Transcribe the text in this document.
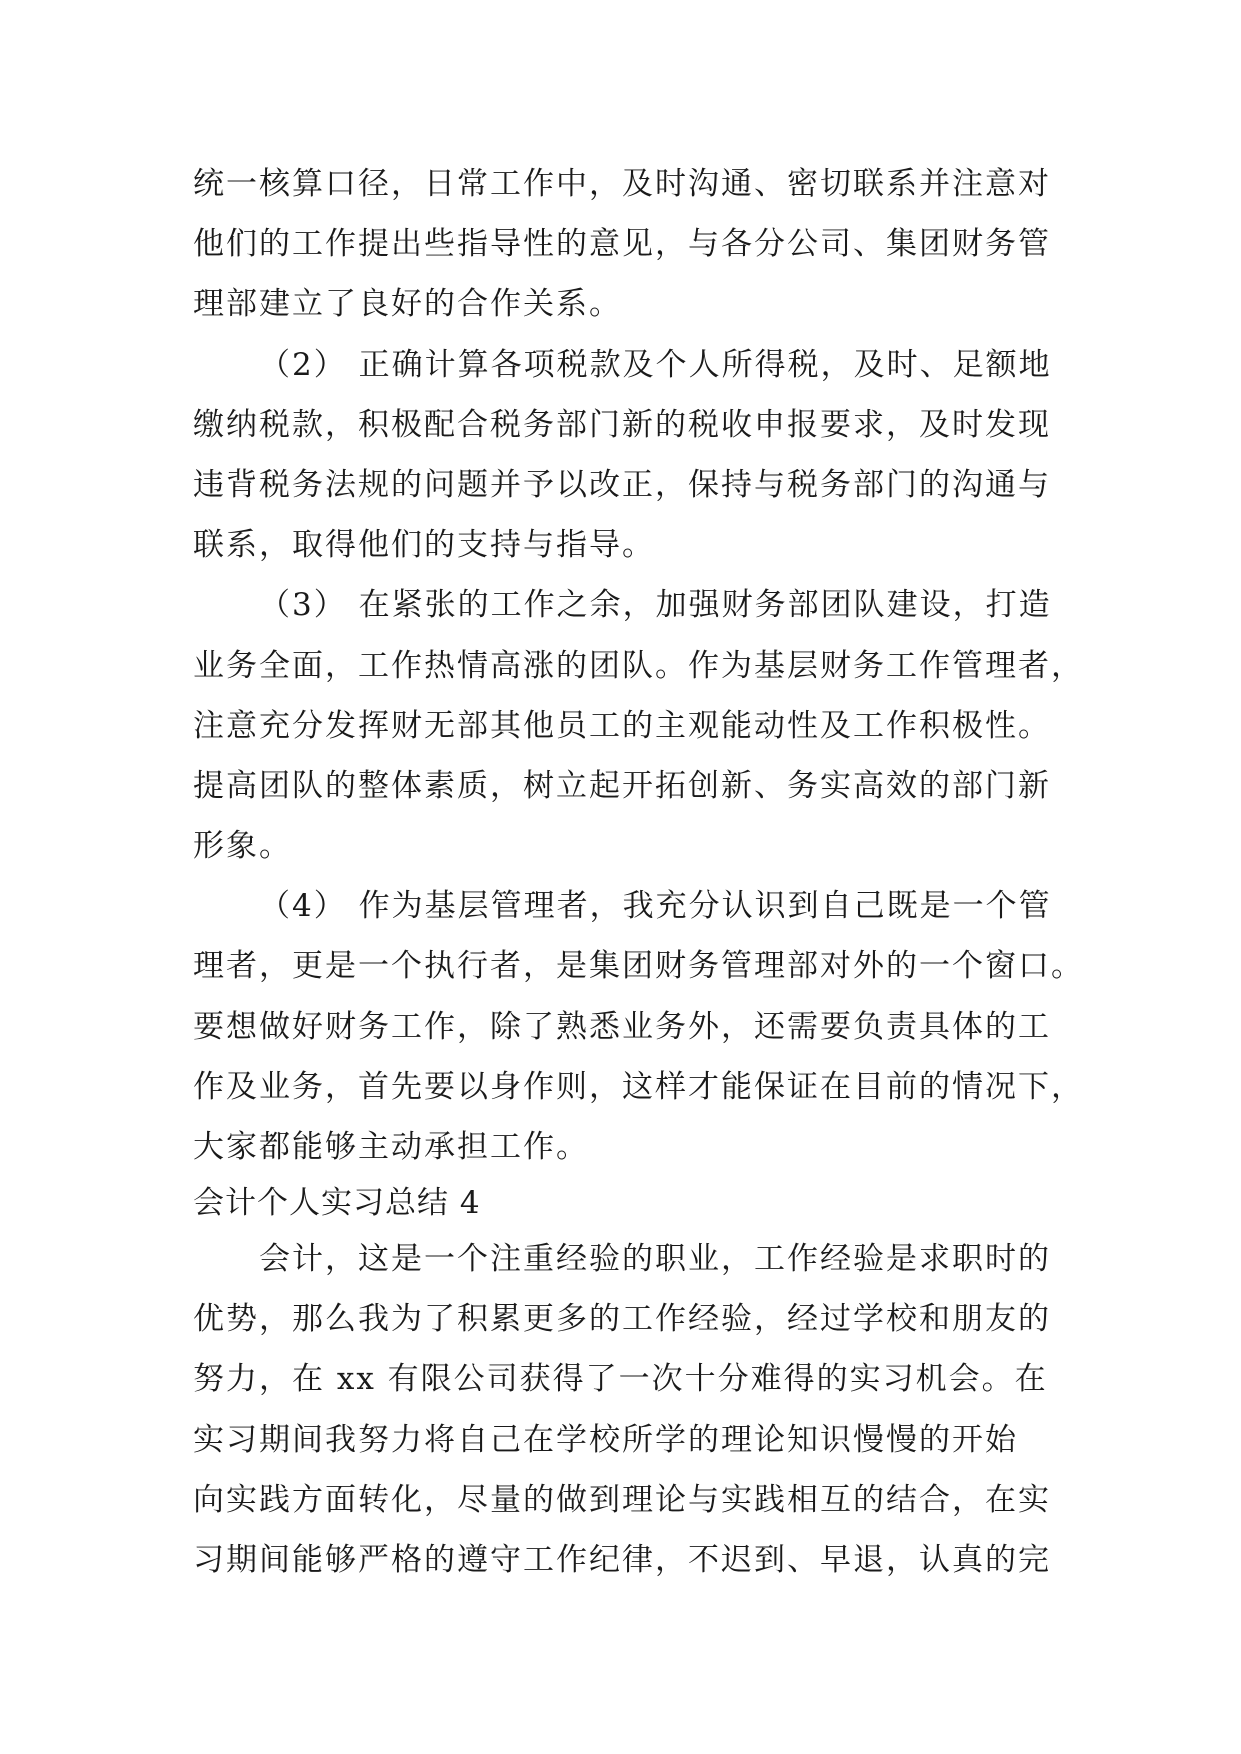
统一核算口径，日常工作中，及时沟通、密切联系并注意对
他们的工作提出些指导性的意见，与各分公司、集团财务管
理部建立了良好的合作关系。
（2） 正确计算各项税款及个人所得税，及时、足额地
缴纳税款，积极配合税务部门新的税收申报要求，及时发现
违背税务法规的问题并予以改正，保持与税务部门的沟通与
联系，取得他们的支持与指导。
（3） 在紧张的工作之余，加强财务部团队建设，打造
业务全面，工作热情高涨的团队。作为基层财务工作管理者，
注意充分发挥财无部其他员工的主观能动性及工作积极性。
提高团队的整体素质，树立起开拓创新、务实高效的部门新
形象。
（4） 作为基层管理者，我充分认识到自己既是一个管
理者，更是一个执行者，是集团财务管理部对外的一个窗口。
要想做好财务工作，除了熟悉业务外，还需要负责具体的工
作及业务，首先要以身作则，这样才能保证在目前的情况下，
大家都能够主动承担工作。
会计个人实习总结 4
会计，这是一个注重经验的职业，工作经验是求职时的
优势，那么我为了积累更多的工作经验，经过学校和朋友的
努力，在 xx 有限公司获得了一次十分难得的实习机会。在
实习期间我努力将自己在学校所学的理论知识慢慢的开始
向实践方面转化，尽量的做到理论与实践相互的结合，在实
习期间能够严格的遵守工作纪律，不迟到、早退，认真的完
